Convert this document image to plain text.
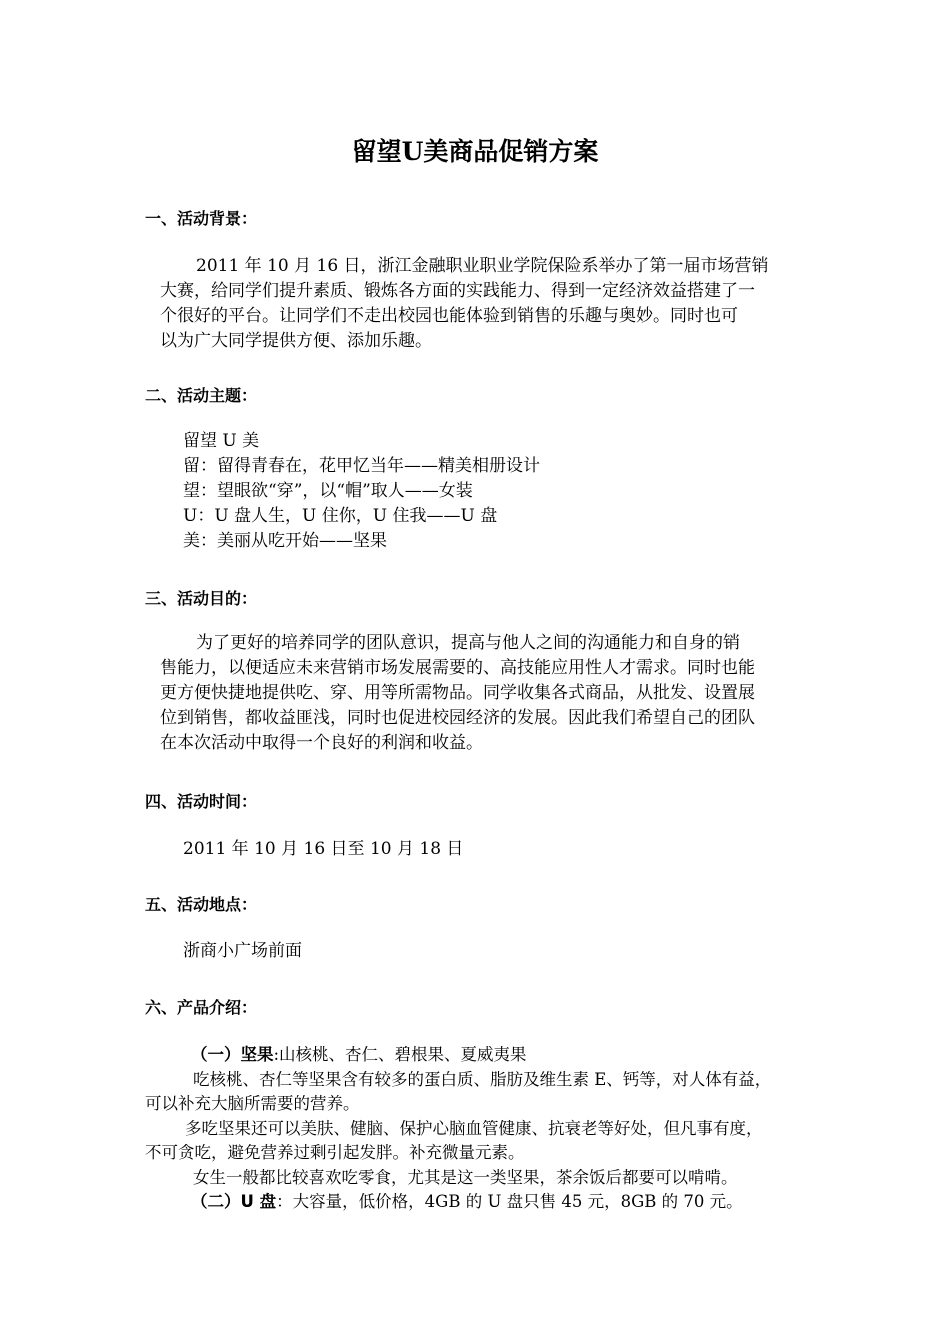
留望U美商品促销方案
一、活动背景：
2011 年 10 月 16 日，浙江金融职业职业学院保险系举办了第一届市场营销
大赛，给同学们提升素质、锻炼各方面的实践能力、得到一定经济效益搭建了一
个很好的平台。让同学们不走出校园也能体验到销售的乐趣与奥妙。同时也可
以为广大同学提供方便、添加乐趣。
二、活动主题：
留望 U 美
留：留得青春在，花甲忆当年——精美相册设计
望：望眼欲“穿”，以“帽”取人——女装
U：U 盘人生，U 住你，U 住我——U 盘
美：美丽从吃开始——坚果
三、活动目的：
为了更好的培养同学的团队意识，提高与他人之间的沟通能力和自身的销
售能力，以便适应未来营销市场发展需要的、高技能应用性人才需求。同时也能
更方便快捷地提供吃、穿、用等所需物品。同学收集各式商品，从批发、设置展
位到销售，都收益匪浅，同时也促进校园经济的发展。因此我们希望自己的团队
在本次活动中取得一个良好的利润和收益。
四、活动时间：
2011 年 10 月 16 日至 10 月 18 日
五、活动地点：
浙商小广场前面
六、产品介绍：
（一）坚果:山核桃、杏仁、碧根果、夏威夷果
吃核桃、杏仁等坚果含有较多的蛋白质、脂肪及维生素 E、钙等，对人体有益，
可以补充大脑所需要的营养。
多吃坚果还可以美肤、健脑、保护心脑血管健康、抗衰老等好处，但凡事有度，
不可贪吃，避免营养过剩引起发胖。补充微量元素。
女生一般都比较喜欢吃零食，尤其是这一类坚果，茶余饭后都要可以啃啃。
（二）U 盘：大容量，低价格，4GB 的 U 盘只售 45 元，8GB 的 70 元。
